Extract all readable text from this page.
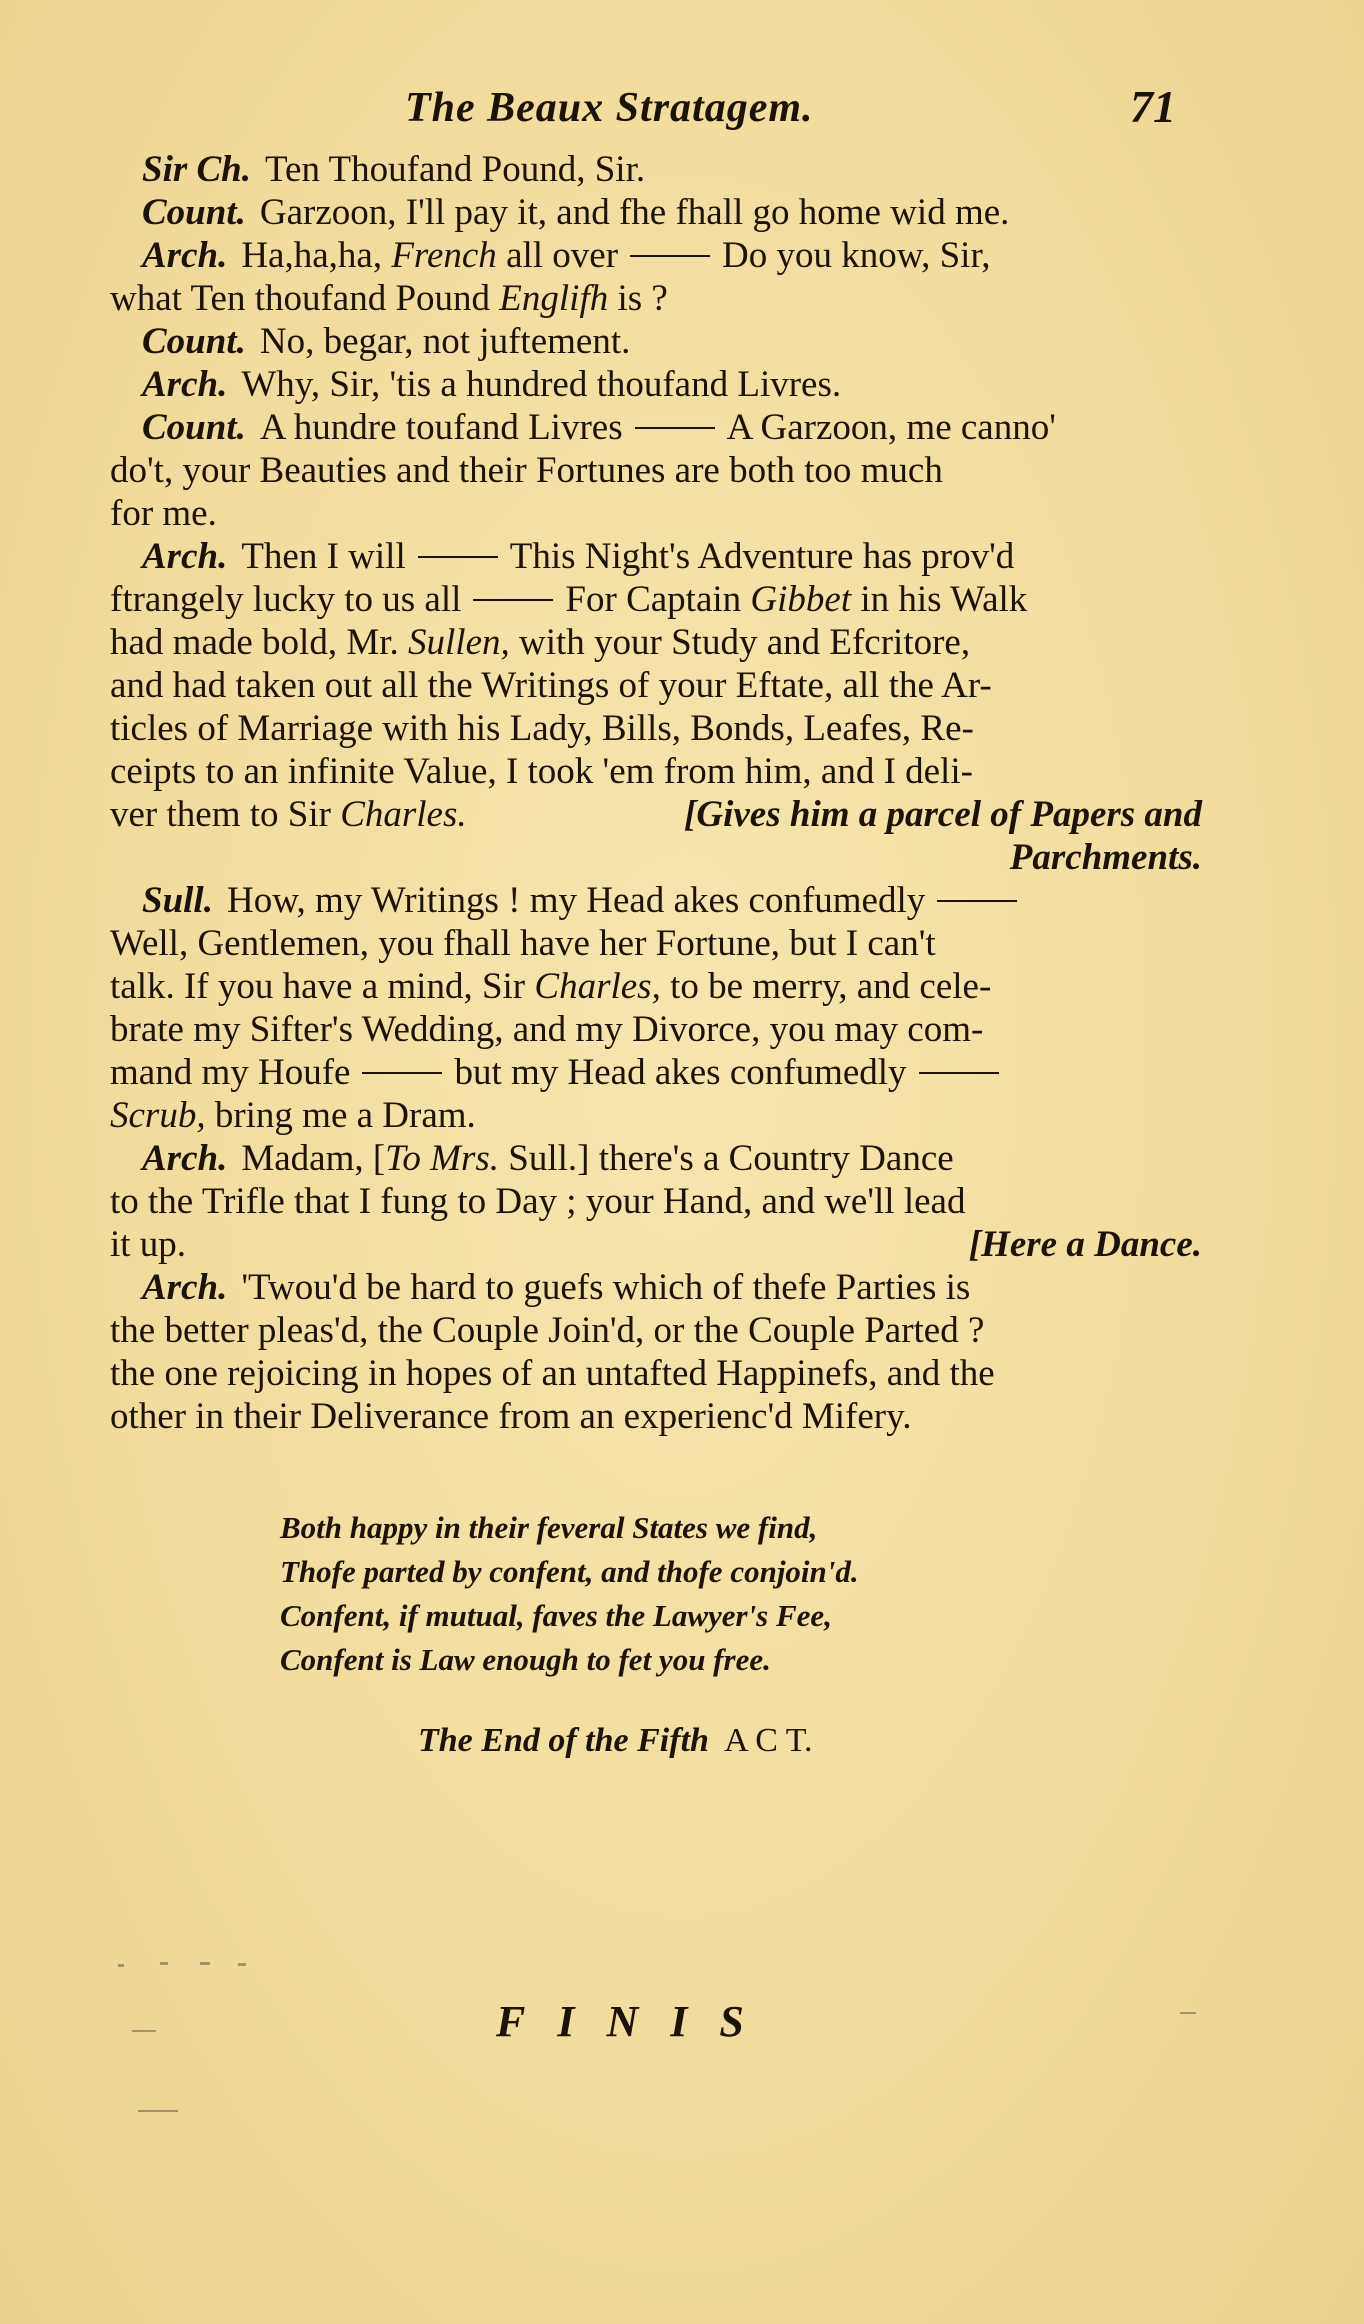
The Beaux Stratagem.	71
Sir Ch. Ten Thoufand Pound, Sir.
Count. Garzoon, I'll pay it, and fhe fhall go home wid me.
Arch. Ha,ha,ha,
French
all over	Do you know, Sir,
what Ten thoufand Pound
Englifh
is ?
Count. No, begar, not juftement.
Arch. Why, Sir, 'tis a hundred thoufand Livres.
Count. A hundre toufand Livres	A Garzoon, me canno'
do't, your Beauties and their Fortunes are both too much
for me.
Arch. Then I will	This Night's Adventure has prov'd
ftrangely lucky to us all	For Captain
Gibbet
in his Walk
had made bold, Mr.
Sullen,
with your Study and Efcritore,
and had taken out all the Writings of your Eftate, all the Ar-
ticles of Marriage with his Lady, Bills, Bonds, Leafes, Re-
ceipts to an infinite Value, I took 'em from him, and I deli-
ver them to Sir Charles.	[Gives him a parcel of Papers and
Parchments.
Sull. How, my Writings ! my Head akes confumedly
Well, Gentlemen, you fhall have her Fortune, but I can't
talk. If you have a mind, Sir
Charles,
to be merry, and cele-
brate my Sifter's Wedding, and my Divorce, you may com-
mand my Houfe	but my Head akes confumedly
Scrub,
bring me a Dram.
Arch. Madam, [ To Mrs.
Sull.] there's a Country Dance
to the Trifle that I fung to Day ; your Hand, and we'll lead
it up.	[Here a Dance.
Arch. 'Twou'd be hard to guefs which of thefe Parties is
the better pleas'd, the Couple Join'd, or the Couple Parted ?
the one rejoicing in hopes of an untafted Happinefs, and the
other in their Deliverance from an experienc'd Mifery.
Both happy in their feveral States we find,
Thofe parted by confent, and thofe conjoin'd.
Confent, if mutual, faves the Lawyer's Fee,
Confent is Law enough to fet you free.
The End of the Fifth A C T.
FINIS
